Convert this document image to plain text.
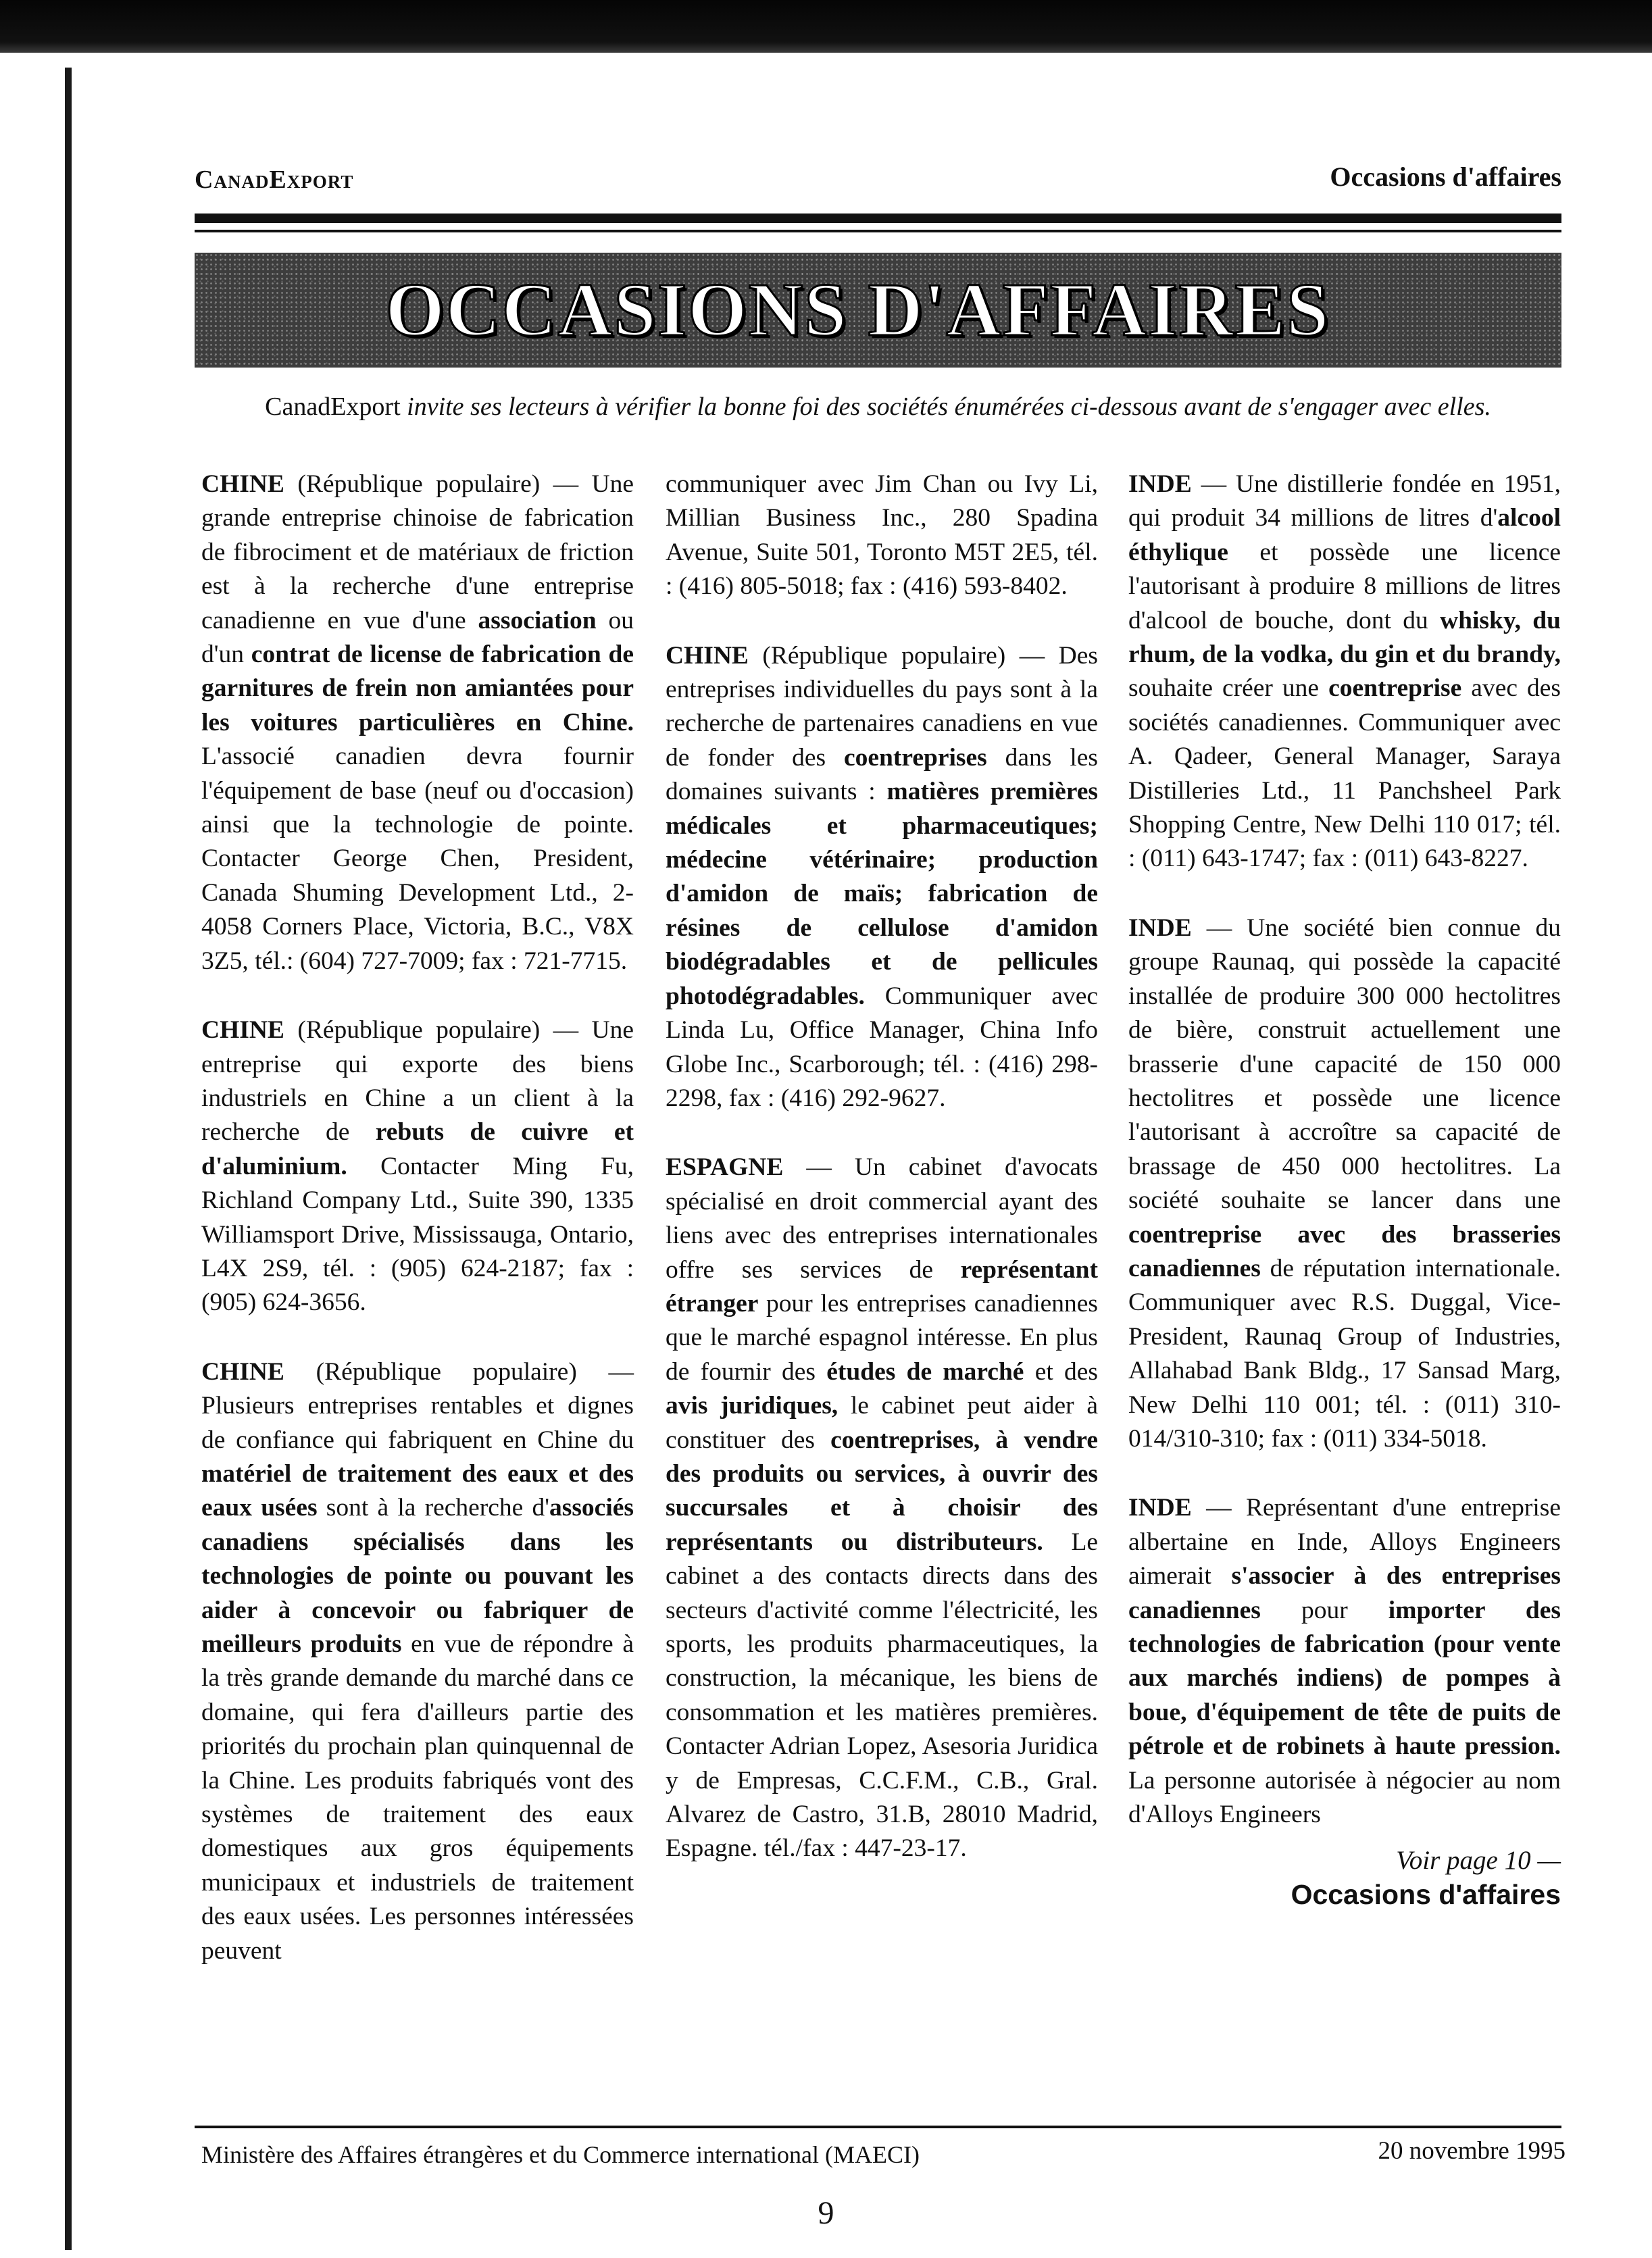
CanadExport	Occasions d'affaires
OCCASIONS D'AFFAIRES
CanadExport invite ses lecteurs à vérifier la bonne foi des sociétés énumérées ci-dessous avant de s'engager avec elles.

CHINE (République populaire) — Une grande entreprise chinoise de fabrication de fibrociment et de matériaux de friction est à la recherche d'une entreprise canadienne en vue d'une association ou d'un contrat de license de fabrication de garnitures de frein non amiantées pour les voitures particulières en Chine. L'associé canadien devra fournir l'équipement de base (neuf ou d'occasion) ainsi que la technologie de pointe. Contacter George Chen, President, Canada Shuming Development Ltd., 2-4058 Corners Place, Victoria, B.C., V8X 3Z5, tél.: (604) 727-7009; fax : 721-7715.

CHINE (République populaire) — Une entreprise qui exporte des biens industriels en Chine a un client à la recherche de rebuts de cuivre et d'aluminium. Contacter Ming Fu, Richland Company Ltd., Suite 390, 1335 Williamsport Drive, Mississauga, Ontario, L4X 2S9, tél. : (905) 624-2187; fax : (905) 624-3656.

CHINE (République populaire) — Plusieurs entreprises rentables et dignes de confiance qui fabriquent en Chine du matériel de traitement des eaux et des eaux usées sont à la recherche d'associés canadiens spécialisés dans les technologies de pointe ou pouvant les aider à concevoir ou fabriquer de meilleurs produits en vue de répondre à la très grande demande du marché dans ce domaine, qui fera d'ailleurs partie des priorités du prochain plan quinquennal de la Chine. Les produits fabriqués vont des systèmes de traitement des eaux domestiques aux gros équipements municipaux et industriels de traitement des eaux usées. Les personnes intéressées peuvent

communiquer avec Jim Chan ou Ivy Li, Millian Business Inc., 280 Spadina Avenue, Suite 501, Toronto M5T 2E5, tél. : (416) 805-5018; fax : (416) 593-8402.

CHINE (République populaire) — Des entreprises individuelles du pays sont à la recherche de partenaires canadiens en vue de fonder des coentreprises dans les domaines suivants : matières premières médicales et pharmaceutiques; médecine vétérinaire; production d'amidon de maïs; fabrication de résines de cellulose d'amidon biodégradables et de pellicules photodégradables. Communiquer avec Linda Lu, Office Manager, China Info Globe Inc., Scarborough; tél. : (416) 298-2298, fax : (416) 292-9627.

ESPAGNE — Un cabinet d'avocats spécialisé en droit commercial ayant des liens avec des entreprises internationales offre ses services de représentant étranger pour les entreprises canadiennes que le marché espagnol intéresse. En plus de fournir des études de marché et des avis juridiques, le cabinet peut aider à constituer des coentreprises, à vendre des produits ou services, à ouvrir des succursales et à choisir des représentants ou distributeurs. Le cabinet a des contacts directs dans des secteurs d'activité comme l'électricité, les sports, les produits pharmaceutiques, la construction, la mécanique, les biens de consommation et les matières premières. Contacter Adrian Lopez, Asesoria Juridica y de Empresas, C.C.F.M., C.B., Gral. Alvarez de Castro, 31.B, 28010 Madrid, Espagne. tél./fax : 447-23-17.

INDE — Une distillerie fondée en 1951, qui produit 34 millions de litres d'alcool éthylique et possède une licence l'autorisant à produire 8 millions de litres d'alcool de bouche, dont du whisky, du rhum, de la vodka, du gin et du brandy, souhaite créer une coentreprise avec des sociétés canadiennes. Communiquer avec A. Qadeer, General Manager, Saraya Distilleries Ltd., 11 Panchsheel Park Shopping Centre, New Delhi 110 017; tél. : (011) 643-1747; fax : (011) 643-8227.

INDE — Une société bien connue du groupe Raunaq, qui possède la capacité installée de produire 300 000 hectolitres de bière, construit actuellement une brasserie d'une capacité de 150 000 hectolitres et possède une licence l'autorisant à accroître sa capacité de brassage de 450 000 hectolitres. La société souhaite se lancer dans une coentreprise avec des brasseries canadiennes de réputation internationale. Communiquer avec R.S. Duggal, Vice-President, Raunaq Group of Industries, Allahabad Bank Bldg., 17 Sansad Marg, New Delhi 110 001; tél. : (011) 310-014/310-310; fax : (011) 334-5018.

INDE — Représentant d'une entreprise albertaine en Inde, Alloys Engineers aimerait s'associer à des entreprises canadiennes pour importer des technologies de fabrication (pour vente aux marchés indiens) de pompes à boue, d'équipement de tête de puits de pétrole et de robinets à haute pression. La personne autorisée à négocier au nom d'Alloys Engineers

Voir page 10 —
Occasions d'affaires
Ministère des Affaires étrangères et du Commerce international (MAECI)	20 novembre 1995
9
